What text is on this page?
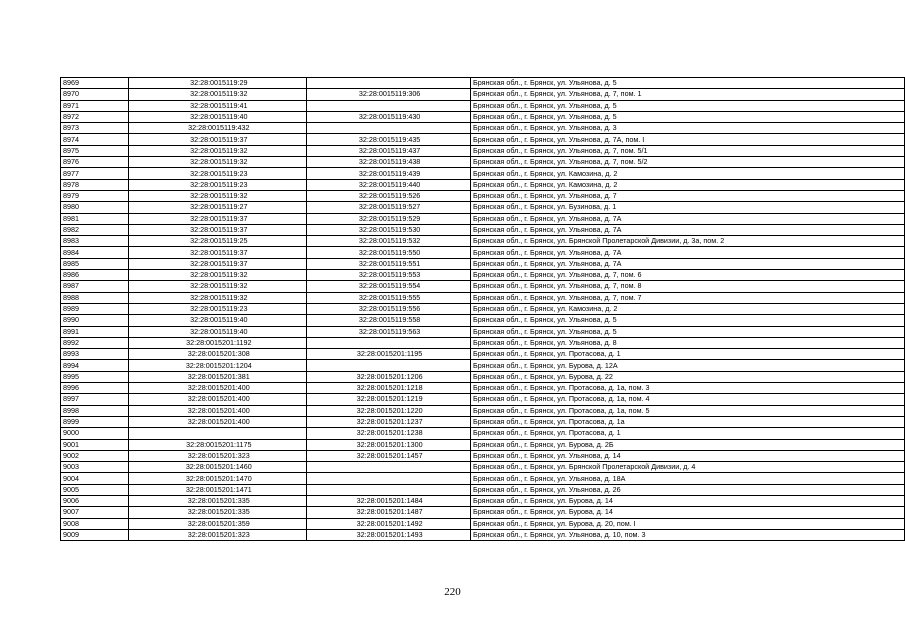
8969	32:28:0015119:29		Брянская обл., г. Брянск, ул. Ульянова, д. 5
8970	32:28:0015119:32	32:28:0015119:306	Брянская обл., г. Брянск, ул. Ульянова, д. 7, пом. 1
8971	32:28:0015119:41		Брянская обл., г. Брянск, ул. Ульянова, д. 5
8972	32:28:0015119:40	32:28:0015119:430	Брянская обл., г. Брянск, ул. Ульянова, д. 5
8973	32:28:0015119:432		Брянская обл., г. Брянск, ул. Ульянова, д. 3
8974	32:28:0015119:37	32:28:0015119:435	Брянская обл., г. Брянск, ул. Ульянова, д. 7А, пом. I
8975	32:28:0015119:32	32:28:0015119:437	Брянская обл., г. Брянск, ул. Ульянова, д. 7, пом. 5/1
8976	32:28:0015119:32	32:28:0015119:438	Брянская обл., г. Брянск, ул. Ульянова, д. 7, пом. 5/2
8977	32:28:0015119:23	32:28:0015119:439	Брянская обл., г. Брянск, ул. Камозина, д. 2
8978	32:28:0015119:23	32:28:0015119:440	Брянская обл., г. Брянск, ул. Камозина, д. 2
8979	32:28:0015119:32	32:28:0015119:526	Брянская обл., г. Брянск, ул. Ульянова, д. 7
8980	32:28:0015119:27	32:28:0015119:527	Брянская обл., г. Брянск, ул. Бузинова, д. 1
8981	32:28:0015119:37	32:28:0015119:529	Брянская обл., г. Брянск, ул. Ульянова, д. 7А
8982	32:28:0015119:37	32:28:0015119:530	Брянская обл., г. Брянск, ул. Ульянова, д. 7А
8983	32:28:0015119:25	32:28:0015119:532	Брянская обл., г. Брянск, ул. Брянской Пролетарской Дивизии, д. 3а, пом. 2
8984	32:28:0015119:37	32:28:0015119:550	Брянская обл., г. Брянск, ул. Ульянова, д. 7А
8985	32:28:0015119:37	32:28:0015119:551	Брянская обл., г. Брянск, ул. Ульянова, д. 7А
8986	32:28:0015119:32	32:28:0015119:553	Брянская обл., г. Брянск, ул. Ульянова, д. 7, пом. 6
8987	32:28:0015119:32	32:28:0015119:554	Брянская обл., г. Брянск, ул. Ульянова, д. 7, пом. 8
8988	32:28:0015119:32	32:28:0015119:555	Брянская обл., г. Брянск, ул. Ульянова, д. 7, пом. 7
8989	32:28:0015119:23	32:28:0015119:556	Брянская обл., г. Брянск, ул. Камозина, д. 2
8990	32:28:0015119:40	32:28:0015119:558	Брянская обл., г. Брянск, ул. Ульянова, д. 5
8991	32:28:0015119:40	32:28:0015119:563	Брянская обл., г. Брянск, ул. Ульянова, д. 5
8992	32:28:0015201:1192		Брянская обл., г. Брянск, ул. Ульянова, д. 8
8993	32:28:0015201:308	32:28:0015201:1195	Брянская обл., г. Брянск, ул. Протасова, д. 1
8994	32:28:0015201:1204		Брянская обл., г. Брянск, ул. Бурова, д. 12А
8995	32:28:0015201:381	32:28:0015201:1206	Брянская обл., г. Брянск, ул. Бурова, д. 22
8996	32:28:0015201:400	32:28:0015201:1218	Брянская обл., г. Брянск, ул. Протасова, д. 1а, пом. 3
8997	32:28:0015201:400	32:28:0015201:1219	Брянская обл., г. Брянск, ул. Протасова, д. 1а, пом. 4
8998	32:28:0015201:400	32:28:0015201:1220	Брянская обл., г. Брянск, ул. Протасова, д. 1а, пом. 5
8999	32:28:0015201:400	32:28:0015201:1237	Брянская обл., г. Брянск, ул. Протасова, д. 1а
9000		32:28:0015201:1238	Брянская обл., г. Брянск, ул. Протасова, д. 1
9001	32:28:0015201:1175	32:28:0015201:1300	Брянская обл., г. Брянск, ул. Бурова, д. 2Б
9002	32:28:0015201:323	32:28:0015201:1457	Брянская обл., г. Брянск, ул. Ульянова, д. 14
9003	32:28:0015201:1460		Брянская обл., г. Брянск, ул. Брянской Пролетарской Дивизии, д. 4
9004	32:28:0015201:1470		Брянская обл., г. Брянск, ул. Ульянова, д. 18А
9005	32:28:0015201:1471		Брянская обл., г. Брянск, ул. Ульянова, д. 26
9006	32:28:0015201:335	32:28:0015201:1484	Брянская обл., г. Брянск, ул. Бурова, д. 14
9007	32:28:0015201:335	32:28:0015201:1487	Брянская обл., г. Брянск, ул. Бурова, д. 14
9008	32:28:0015201:359	32:28:0015201:1492	Брянская обл., г. Брянск, ул. Бурова, д. 20, пом. I
9009	32:28:0015201:323	32:28:0015201:1493	Брянская обл., г. Брянск, ул. Ульянова, д. 10, пом. 3
220
